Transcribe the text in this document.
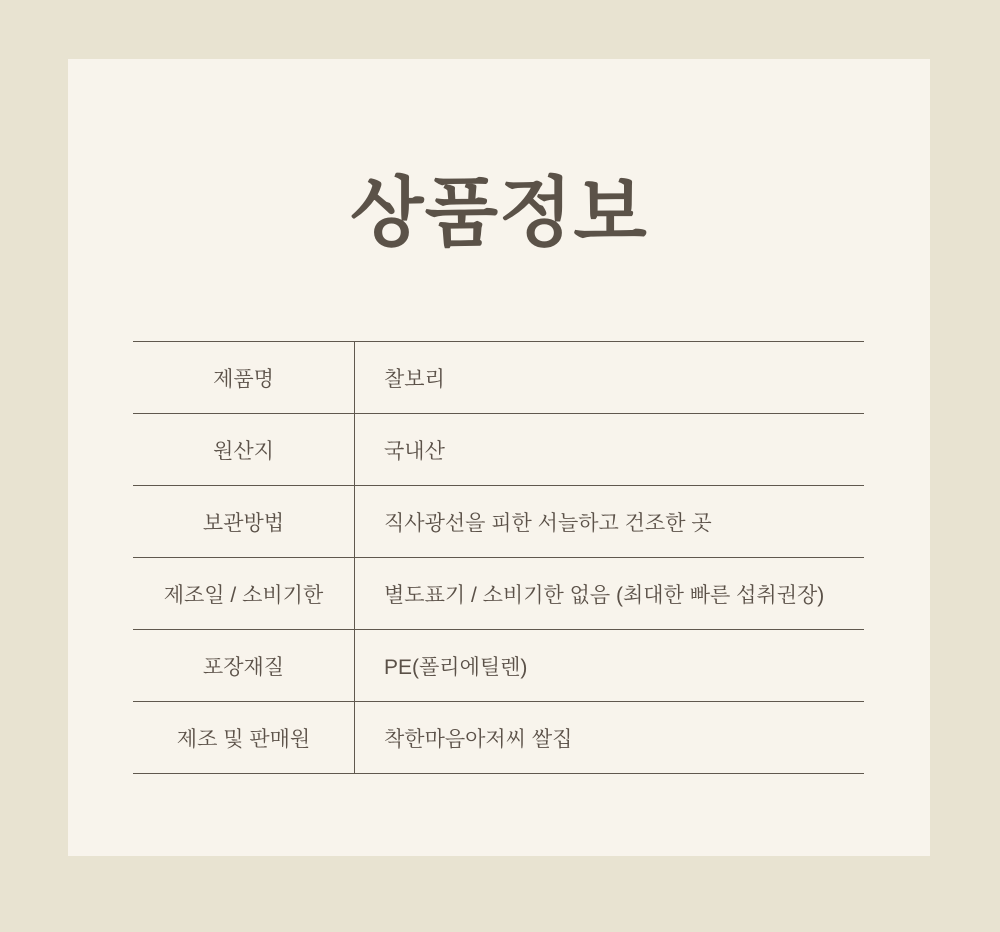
상품정보
제품명	찰보리
원산지	국내산
보관방법	직사광선을 피한 서늘하고 건조한 곳
제조일 / 소비기한	별도표기 / 소비기한 없음 (최대한 빠른 섭취권장)
포장재질	PE(폴리에틸렌)
제조 및 판매원	착한마음아저씨 쌀집
